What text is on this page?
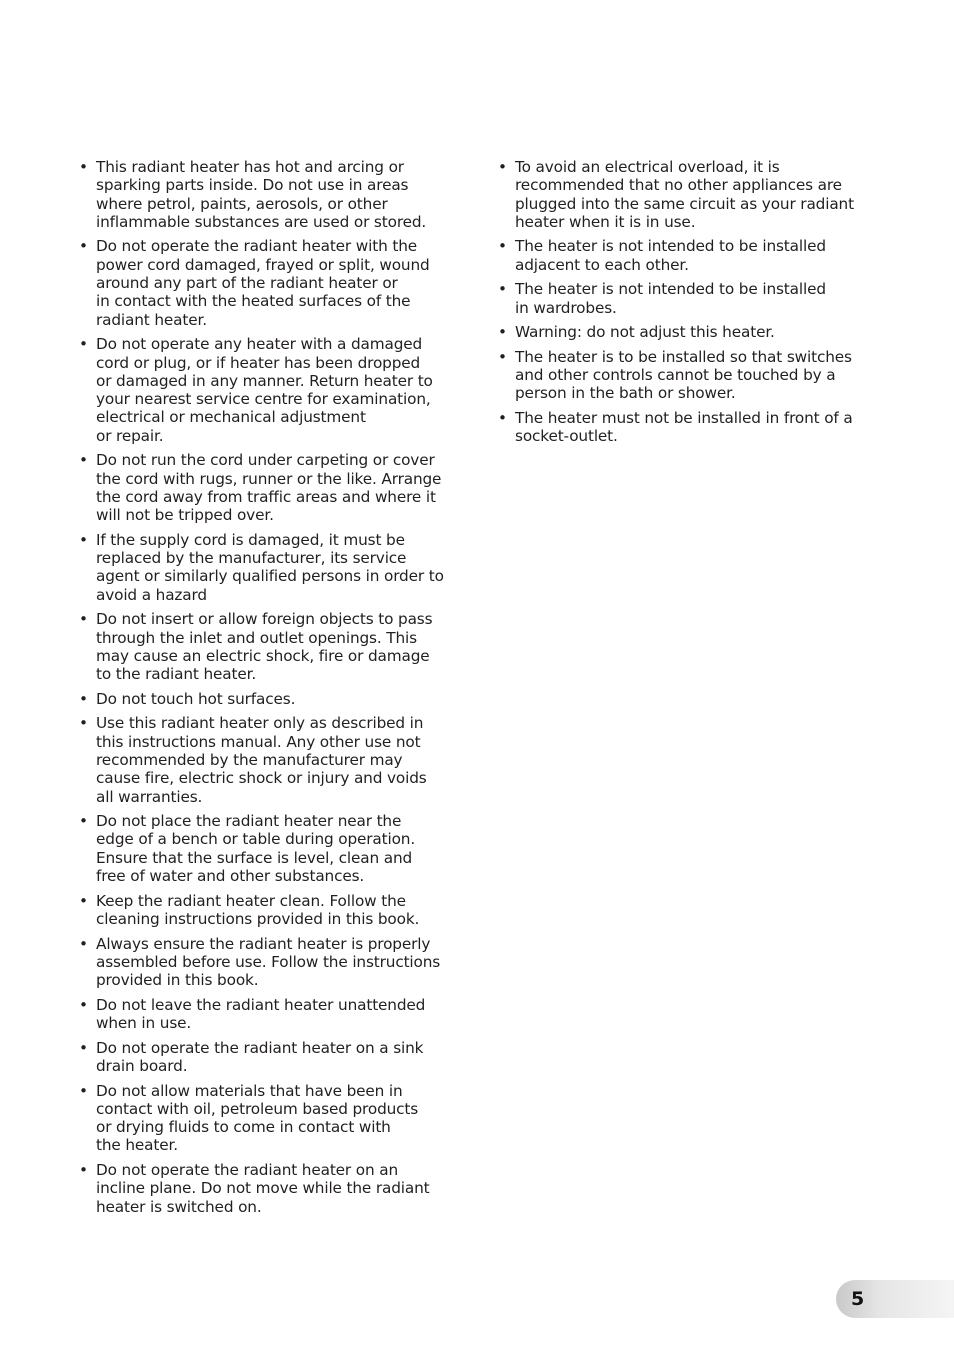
• This radiant heater has hot and arcing or
sparking parts inside. Do not use in areas
where petrol, paints, aerosols, or other
inflammable substances are used or stored.
• Do not operate the radiant heater with the
power cord damaged, frayed or split, wound
around any part of the radiant heater or
in contact with the heated surfaces of the
radiant heater.
• Do not operate any heater with a damaged
cord or plug, or if heater has been dropped
or damaged in any manner. Return heater to
your nearest service centre for examination,
electrical or mechanical adjustment
or repair.
• Do not run the cord under carpeting or cover
the cord with rugs, runner or the like. Arrange
the cord away from traffic areas and where it
will not be tripped over.
• If the supply cord is damaged, it must be
replaced by the manufacturer, its service
agent or similarly qualified persons in order to
avoid a hazard
• Do not insert or allow foreign objects to pass
through the inlet and outlet openings. This
may cause an electric shock, fire or damage
to the radiant heater.
• Do not touch hot surfaces.
• Use this radiant heater only as described in
this instructions manual. Any other use not
recommended by the manufacturer may
cause fire, electric shock or injury and voids
all warranties.
• Do not place the radiant heater near the
edge of a bench or table during operation.
Ensure that the surface is level, clean and
free of water and other substances.
• Keep the radiant heater clean. Follow the
cleaning instructions provided in this book.
• Always ensure the radiant heater is properly
assembled before use. Follow the instructions
provided in this book.
• Do not leave the radiant heater unattended
when in use.
• Do not operate the radiant heater on a sink
drain board.
• Do not allow materials that have been in
contact with oil, petroleum based products
or drying fluids to come in contact with
the heater.
• Do not operate the radiant heater on an
incline plane. Do not move while the radiant
heater is switched on.
• To avoid an electrical overload, it is
recommended that no other appliances are
plugged into the same circuit as your radiant
heater when it is in use.
• The heater is not intended to be installed
adjacent to each other.
• The heater is not intended to be installed
in wardrobes.
• Warning: do not adjust this heater.
• The heater is to be installed so that switches
and other controls cannot be touched by a
person in the bath or shower.
• The heater must not be installed in front of a
socket-outlet.
5
